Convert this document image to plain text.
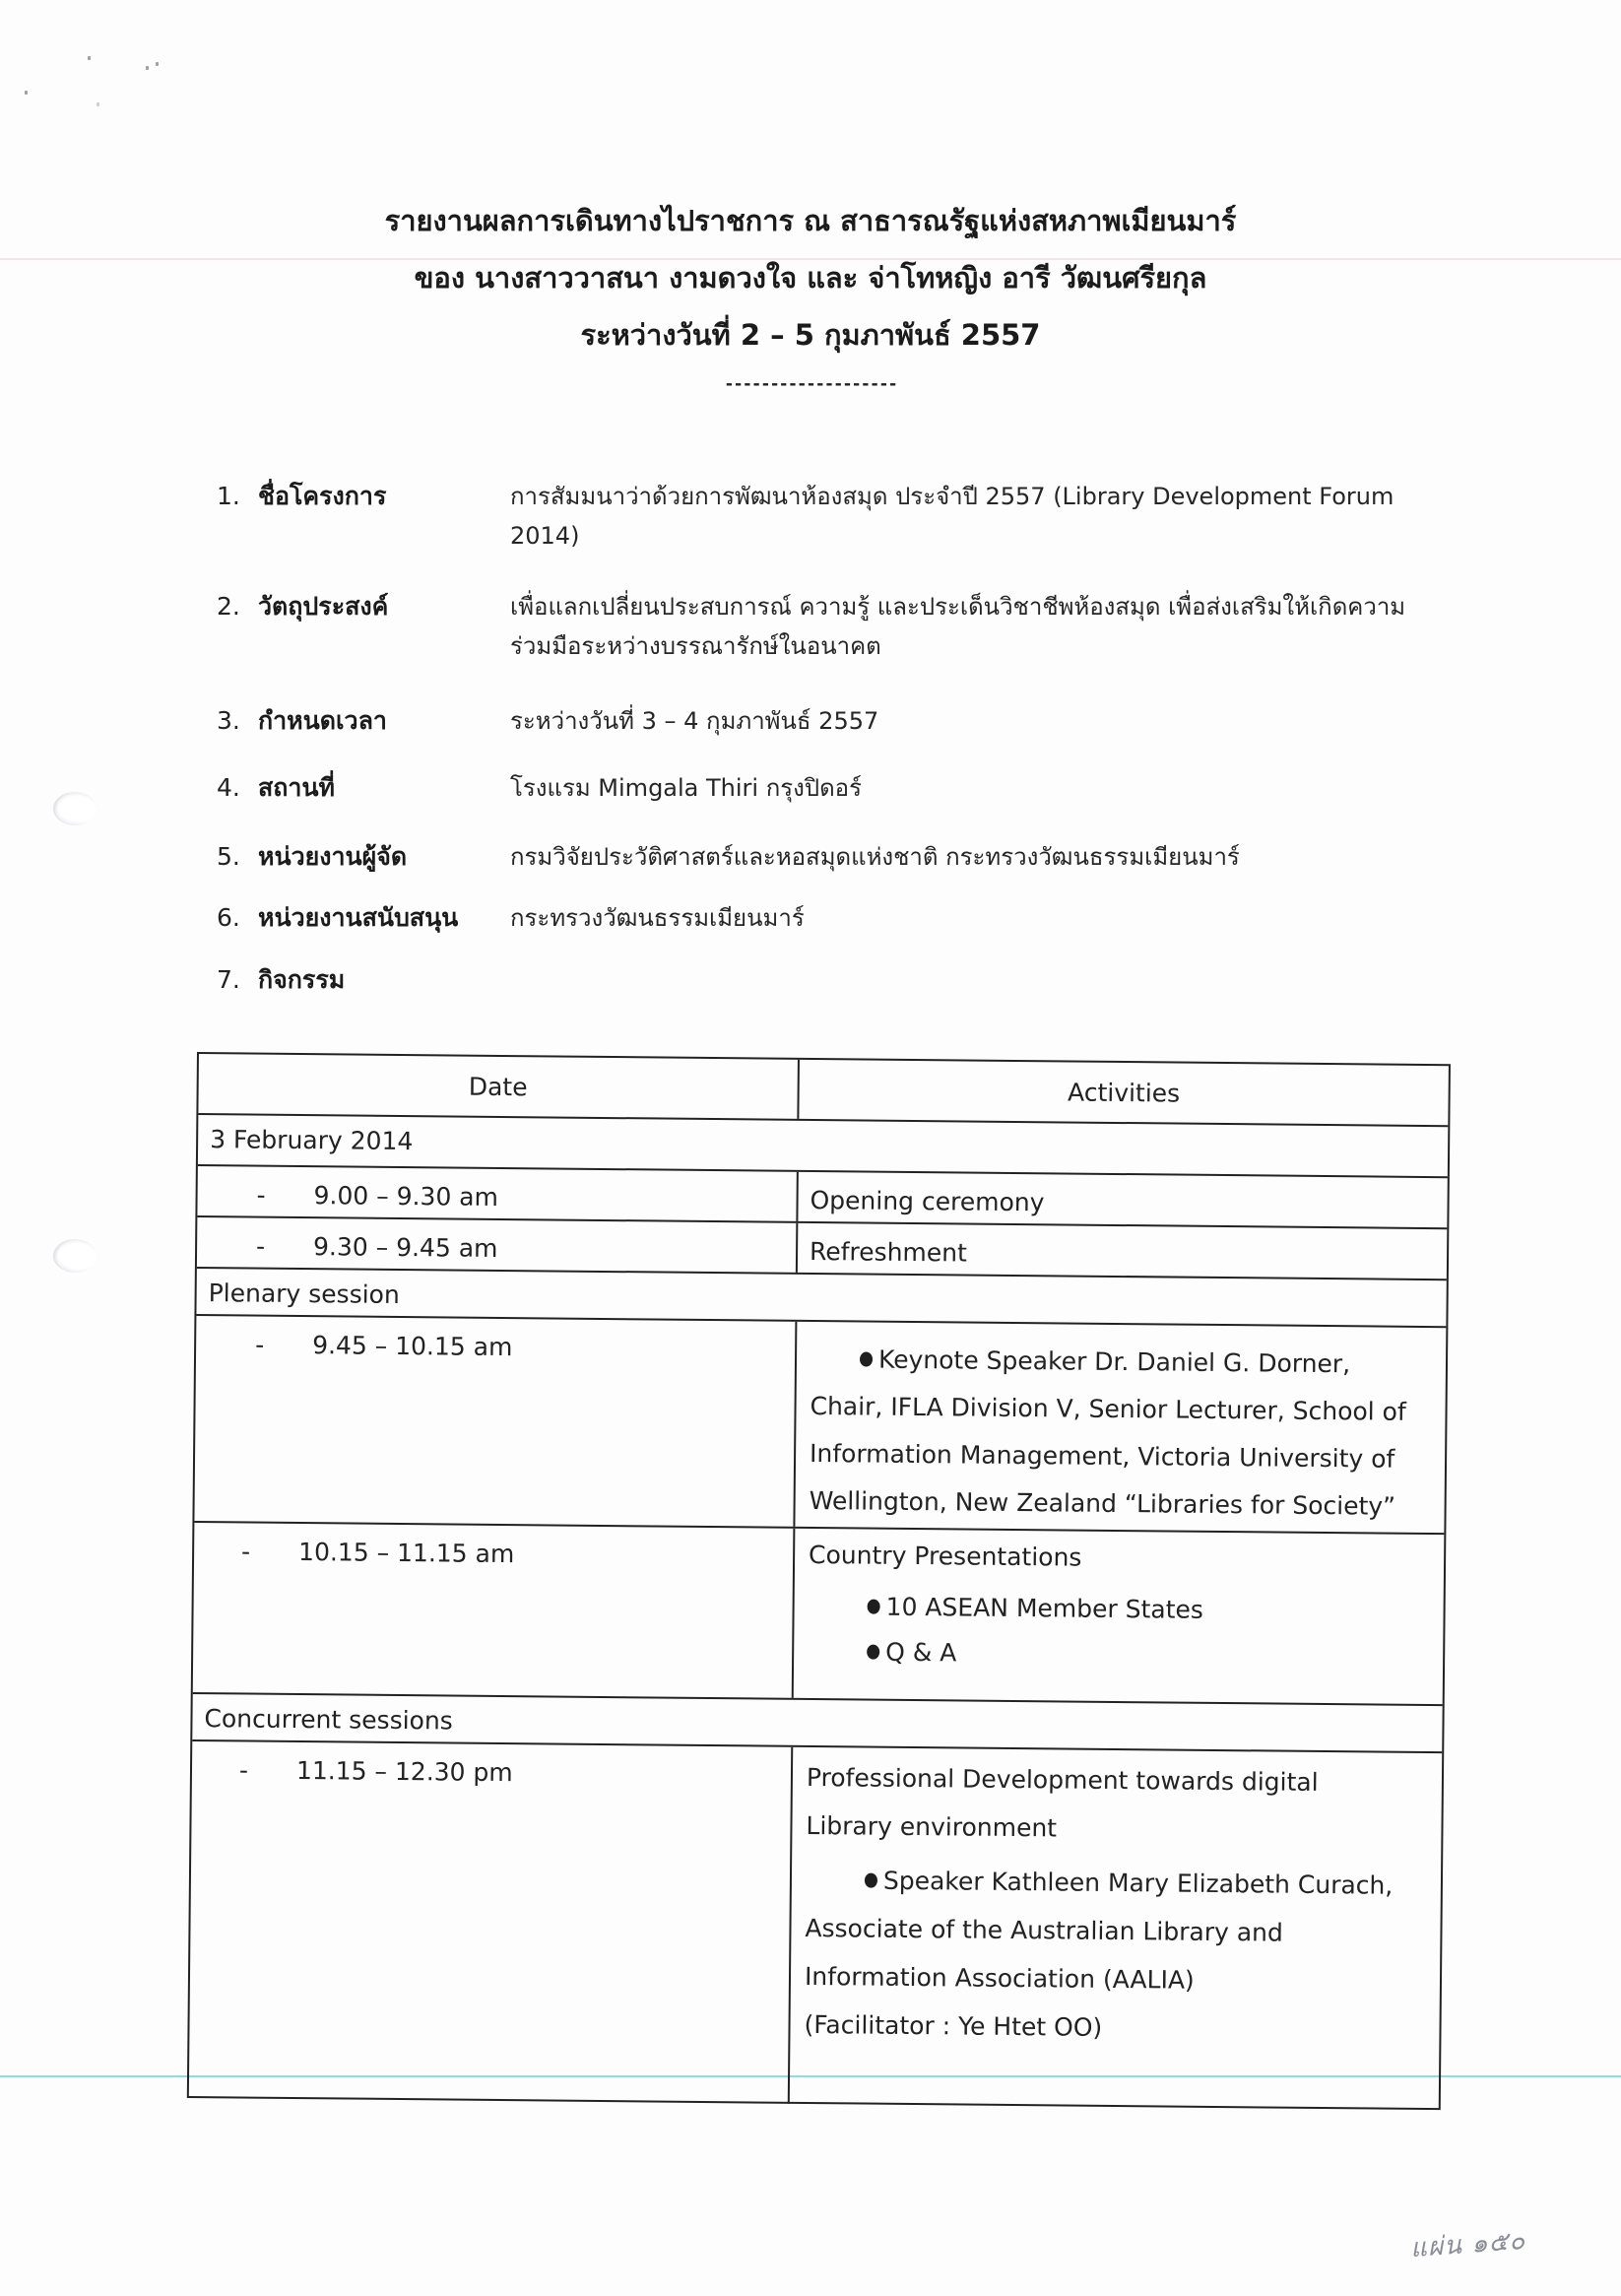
รายงานผลการเดินทางไปราชการ ณ สาธารณรัฐแห่งสหภาพเมียนมาร์
ของ นางสาววาสนา งามดวงใจ และ จ่าโทหญิง อารี วัฒนศรียกุล
ระหว่างวันที่ 2 – 5 กุมภาพันธ์ 2557
-------------------
1. ชื่อโครงการ	การสัมมนาว่าด้วยการพัฒนาห้องสมุด ประจำปี 2557 (Library Development Forum 2014)
2. วัตถุประสงค์	เพื่อแลกเปลี่ยนประสบการณ์ ความรู้ และประเด็นวิชาชีพห้องสมุด เพื่อส่งเสริมให้เกิดความร่วมมือระหว่างบรรณารักษ์ในอนาคต
3. กำหนดเวลา	ระหว่างวันที่ 3 – 4 กุมภาพันธ์ 2557
4. สถานที่	โรงแรม Mimgala Thiri กรุงปิดอร์
5. หน่วยงานผู้จัด	กรมวิจัยประวัติศาสตร์และหอสมุดแห่งชาติ กระทรวงวัฒนธรรมเมียนมาร์
6. หน่วยงานสนับสนุน กระทรวงวัฒนธรรมเมียนมาร์
7. กิจกรรม
Date	Activities
3 February 2014
- 9.00 – 9.30 am	Opening ceremony
- 9.30 – 9.45 am	Refreshment
Plenary session
- 9.45 – 10.15 am	Keynote Speaker Dr. Daniel G. Dorner,
Chair, IFLA Division V, Senior Lecturer, School of
Information Management, Victoria University of
Wellington, New Zealand “Libraries for Society”
- 10.15 – 11.15 am	Country Presentations
10 ASEAN Member States
Q & A
Concurrent sessions
- 11.15 – 12.30 pm	Professional Development towards digital
Library environment
Speaker Kathleen Mary Elizabeth Curach,
Associate of the Australian Library and
Information Association (AALIA)
(Facilitator : Ye Htet OO)
แผ่น ๑๕๐
